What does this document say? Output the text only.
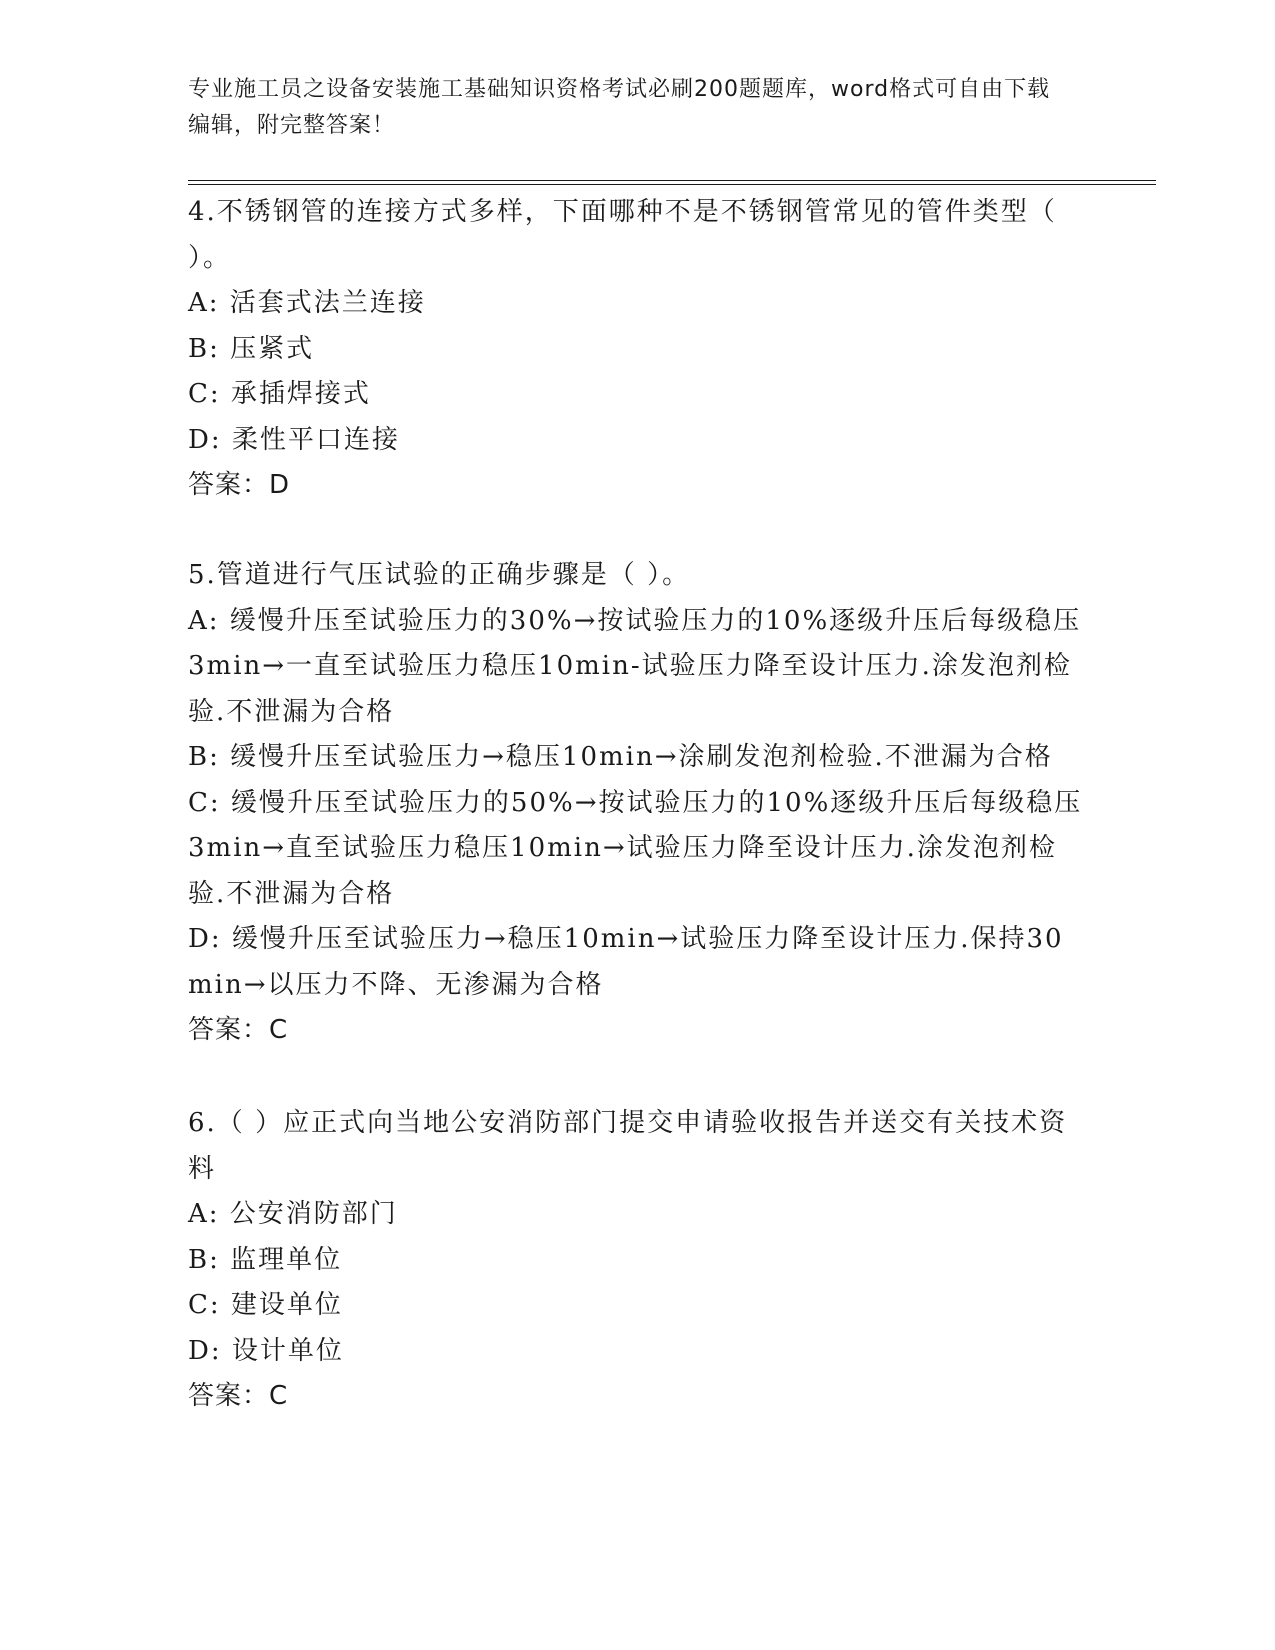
专业施工员之设备安装施工基础知识资格考试必刷200题题库，word格式可自由下载编辑，附完整答案！
4.不锈钢管的连接方式多样，下面哪种不是不锈钢管常见的管件类型（ ）。
A: 活套式法兰连接
B: 压紧式
C: 承插焊接式
D: 柔性平口连接
答案：D
5.管道进行气压试验的正确步骤是（ ）。
A: 缓慢升压至试验压力的30%→按试验压力的10%逐级升压后每级稳压3min→一直至试验压力稳压10min-试验压力降至设计压力.涂发泡剂检验.不泄漏为合格
B: 缓慢升压至试验压力→稳压10min→涂刷发泡剂检验.不泄漏为合格
C: 缓慢升压至试验压力的50%→按试验压力的10%逐级升压后每级稳压3min→直至试验压力稳压10min→试验压力降至设计压力.涂发泡剂检验.不泄漏为合格
D: 缓慢升压至试验压力→稳压10min→试验压力降至设计压力.保持30min→以压力不降、无渗漏为合格
答案：C
6.（ ）应正式向当地公安消防部门提交申请验收报告并送交有关技术资料
A: 公安消防部门
B: 监理单位
C: 建设单位
D: 设计单位
答案：C
